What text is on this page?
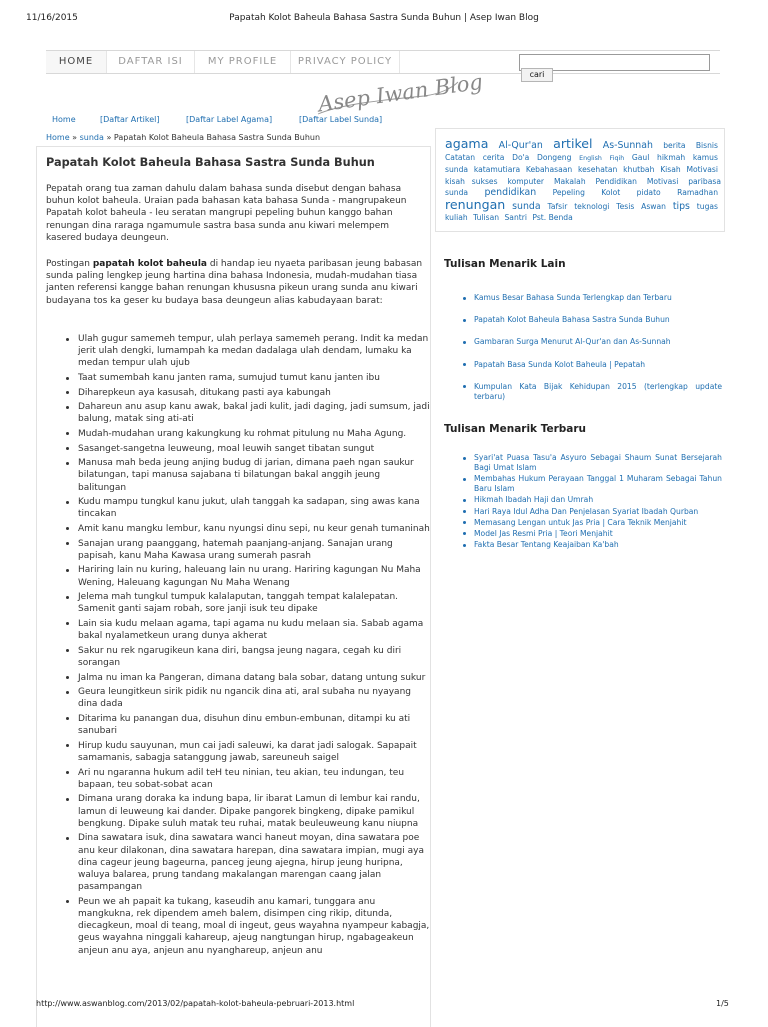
11/16/2015	Papatah Kolot Baheula Bahasa Sastra Sunda Buhun | Asep Iwan Blog
HOME	DAFTAR ISI	MY PROFILE	PRIVACY POLICY
cari
Asep Iwan Blog
Home	[Daftar Artikel]	[Daftar Label Agama]	[Daftar Label Sunda]
Home » sunda » Papatah Kolot Baheula Bahasa Sastra Sunda Buhun
Papatah Kolot Baheula Bahasa Sastra Sunda Buhun
Pepatah orang tua zaman dahulu dalam bahasa sunda disebut dengan bahasa buhun kolot baheula. Uraian pada bahasan kata bahasa Sunda - mangrupakeun Papatah kolot baheula - leu seratan mangrupi pepeling buhun kanggo bahan renungan dina raraga ngamumule sastra basa sunda anu kiwari melempem kasered budaya deungeun.
Postingan papatah kolot baheula di handap ieu nyaeta paribasan jeung babasan sunda paling lengkep jeung hartina dina bahasa Indonesia, mudah-mudahan tiasa janten referensi kangge bahan renungan khususna pikeun urang sunda anu kiwari budayana tos ka geser ku budaya basa deungeun alias kabudayaan barat:
Ulah gugur samemeh tempur, ulah perlaya samemeh perang. Indit ka medan jerit ulah dengki, lumampah ka medan dadalaga ulah dendam, lumaku ka medan tempur ulah ujub
Taat sumembah kanu janten rama, sumujud tumut kanu janten ibu
Diharepkeun aya kasusah, ditukang pasti aya kabungah
Dahareun anu asup kanu awak, bakal jadi kulit, jadi daging, jadi sumsum, jadi balung, matak sing ati-ati
Mudah-mudahan urang kakungkung ku rohmat pitulung nu Maha Agung.
Sasanget-sangetna leuweung, moal leuwih sanget tibatan sungut
Manusa mah beda jeung anjing budug di jarian, dimana paeh ngan saukur bilatungan, tapi manusa sajabana ti bilatungan bakal anggih jeung balitungan
Kudu mampu tungkul kanu jukut, ulah tanggah ka sadapan, sing awas kana tincakan
Amit kanu mangku lembur, kanu nyungsi dinu sepi, nu keur genah tumaninah
Sanajan urang paanggang, hatemah paanjang-anjang. Sanajan urang papisah, kanu Maha Kawasa urang sumerah pasrah
Hariring lain nu kuring, haleuang lain nu urang. Hariring kagungan Nu Maha Wening, Haleuang kagungan Nu Maha Wenang
Jelema mah tungkul tumpuk kalalaputan, tanggah tempat kalalepatan. Samenit ganti sajam robah, sore janji isuk teu dipake
Lain sia kudu melaan agama, tapi agama nu kudu melaan sia. Sabab agama bakal nyalametkeun urang dunya akherat
Sakur nu rek ngarugikeun kana diri, bangsa jeung nagara, cegah ku diri sorangan
Jalma nu iman ka Pangeran, dimana datang bala sobar, datang untung sukur
Geura leungitkeun sirik pidik nu ngancik dina ati, aral subaha nu nyayang dina dada
Ditarima ku panangan dua, disuhun dinu embun-embunan, ditampi ku ati sanubari
Hirup kudu sauyunan, mun cai jadi saleuwi, ka darat jadi salogak. Sapapait samamanis, sabagja satanggung jawab, sareuneuh saigel
Ari nu ngaranna hukum adil teH teu ninian, teu akian, teu indungan, teu bapaan, teu sobat-sobat acan
Dimana urang doraka ka indung bapa, lir ibarat Lamun di lembur kai randu, lamun di leuweung kai dander. Dipake pangorek bingkeng, dipake pamikul bengkung. Dipake suluh matak teu ruhai, matak beuleuweung kanu niupna
Dina sawatara isuk, dina sawatara wanci haneut moyan, dina sawatara poe anu keur dilakonan, dina sawatara harepan, dina sawatara impian, mugi aya dina cageur jeung bageurna, panceg jeung ajegna, hirup jeung huripna, waluya balarea, prung tandang makalangan marengan caang jalan pasampangan
Peun we ah papait ka tukang, kaseudih anu kamari, tunggara anu mangkukna, rek dipendem ameh balem, disimpen cing rikip, ditunda, diecagkeun, moal di teang, moal di ingeut, geus wayahna nyampeur kabagja, geus wayahna ninggali kahareup, ajeug nangtungan hirup, ngabageakeun anjeun anu aya, anjeun anu nyanghareup, anjeun anu
agama Al-Qur'an artikel As-Sunnah berita Bisnis Catatan cerita Do'a Dongeng English Fiqih Gaul hikmah kamus sunda katamutiara Kebahasaan kesehatan khutbah Kisah Motivasi kisah sukses komputer Makalah Pendidikan Motivasi paribasa sunda pendidikan Pepeling Kolot pidato Ramadhan renungan sunda Tafsir teknologi Tesis Aswan tips tugas kuliah Tulisan Santri Pst. Benda
Tulisan Menarik Lain
Kamus Besar Bahasa Sunda Terlengkap dan Terbaru
Papatah Kolot Baheula Bahasa Sastra Sunda Buhun
Gambaran Surga Menurut Al-Qur'an dan As-Sunnah
Papatah Basa Sunda Kolot Baheula | Pepatah
Kumpulan Kata Bijak Kehidupan 2015 (terlengkap update terbaru)
Tulisan Menarik Terbaru
Syari'at Puasa Tasu'a Asyuro Sebagai Shaum Sunat Bersejarah Bagi Umat Islam
Membahas Hukum Perayaan Tanggal 1 Muharam Sebagai Tahun Baru Islam
Hikmah Ibadah Haji dan Umrah
Hari Raya Idul Adha Dan Penjelasan Syariat Ibadah Qurban
Memasang Lengan untuk Jas Pria | Cara Teknik Menjahit
Model Jas Resmi Pria | Teori Menjahit
Fakta Besar Tentang Keajaiban Ka'bah
http://www.aswanblog.com/2013/02/papatah-kolot-baheula-pebruari-2013.html	1/5
